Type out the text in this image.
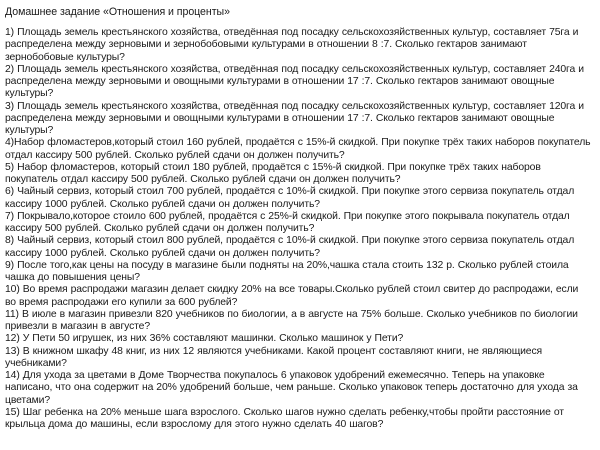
Домашнее задание «Отношения и проценты»
1) Площадь земель крестьянского хозяйства, отведённая под посадку сельскохозяйственных культур, составляет 75га и распределена между зерновыми и зернобобовыми культурами в отношении 8 :7. Сколько гектаров занимают зернобобовые культуры?
2) Площадь земель крестьянского хозяйства, отведённая под посадку сельскохозяйственных культур, составляет 240га и распределена между зерновыми и овощными культурами в отношении 17 :7. Сколько гектаров занимают овощные культуры?
3) Площадь земель крестьянского хозяйства, отведённая под посадку сельскохозяйственных культур, составляет 120га и распределена между зерновыми и овощными культурами в отношении 17 :7. Сколько гектаров занимают овощные культуры?
4)Набор фломастеров,который стоил 160 рублей, продаётся с 15%-й скидкой. При покупке трёх таких наборов покупатель отдал кассиру 500 рублей. Сколько рублей сдачи он должен получить?
5) Набор фломастеров, который стоил 180 рублей, продаётся с 15%-й скидкой. При покупке трёх таких наборов покупатель отдал кассиру 500 рублей. Сколько рублей сдачи он должен получить?
6) Чайный сервиз, который стоил 700 рублей, продаётся с 10%-й скидкой. При покупке этого сервиза покупатель отдал кассиру 1000 рублей. Сколько рублей сдачи он должен получить?
7) Покрывало,которое стоило 600 рублей, продаётся с 25%-й скидкой. При покупке этого покрывала покупатель отдал кассиру 500 рублей. Сколько рублей сдачи он должен получить?
8) Чайный сервиз, который стоил 800 рублей, продаётся с 10%-й скидкой. При покупке этого сервиза покупатель отдал кассиру 1000 рублей. Сколько рублей сдачи он должен получить?
9) После того,как цены на посуду в магазине были подняты на 20%,чашка стала стоить 132 р. Сколько рублей стоила чашка до повышения цены?
10) Во время распродажи магазин делает скидку 20% на все товары.Сколько рублей стоил свитер до распродажи, если во время распродажи его купили за 600 рублей?
11) В июле в магазин привезли 820 учебников по биологии, а в августе на 75% больше. Сколько учебников по биологии привезли в магазин в августе?
12) У Пети 50 игрушек, из них 36% составляют машинки. Сколько машинок у Пети?
13) В книжном шкафу 48 книг, из них 12 являются учебниками. Какой процент составляют книги, не являющиеся учебниками?
14) Для ухода за цветами в Доме Творчества покупалось 6 упаковок удобрений ежемесячно. Теперь на упаковке написано, что она содержит на 20% удобрений больше, чем раньше. Сколько упаковок теперь достаточно для ухода за цветами?
15) Шаг ребенка на 20% меньше шага взрослого. Сколько шагов нужно сделать ребенку,чтобы пройти расстояние от крыльца дома до машины, если взрослому для этого нужно сделать 40 шагов?
